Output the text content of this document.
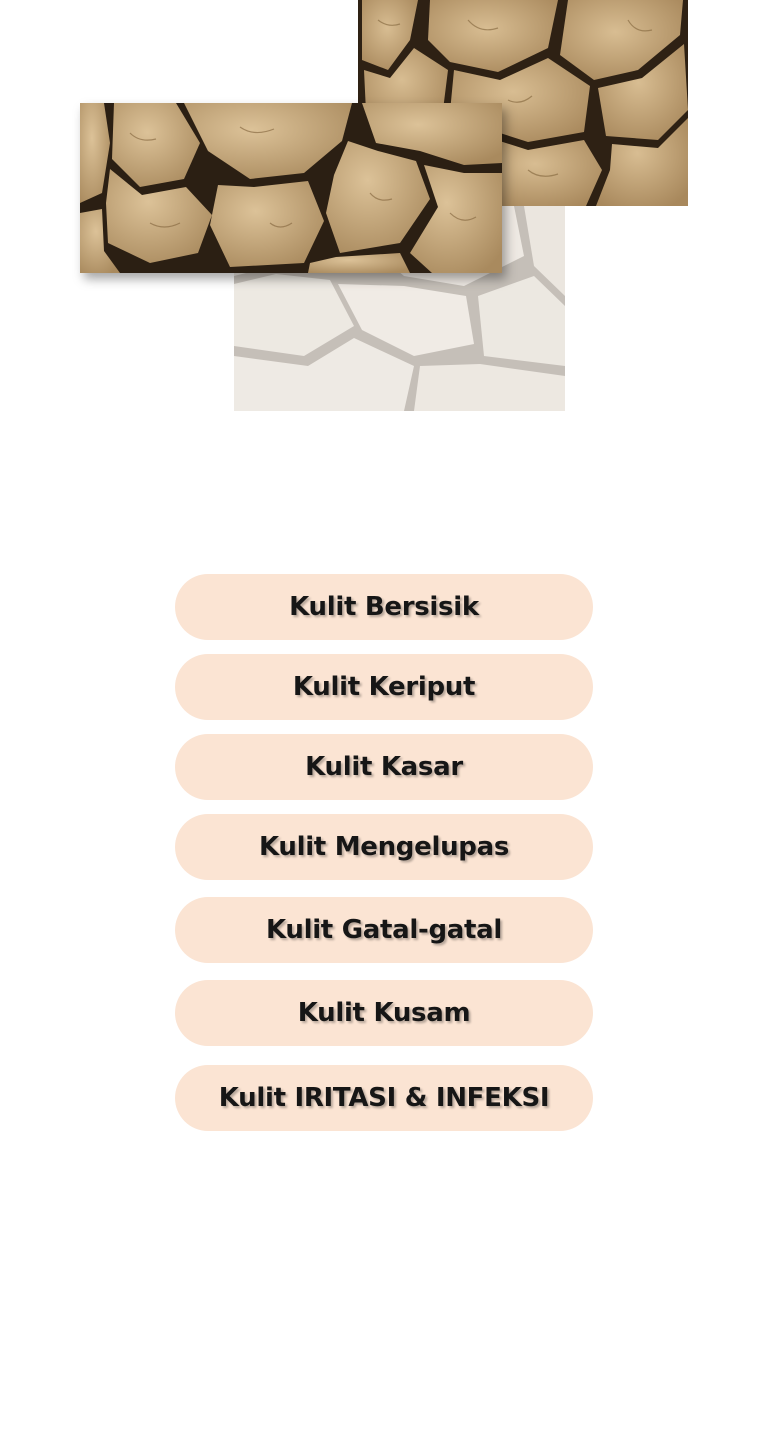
Kulit Bersisik
Kulit Keriput
Kulit Kasar
Kulit Mengelupas
Kulit Gatal-gatal
Kulit Kusam
Kulit IRITASI & INFEKSI
